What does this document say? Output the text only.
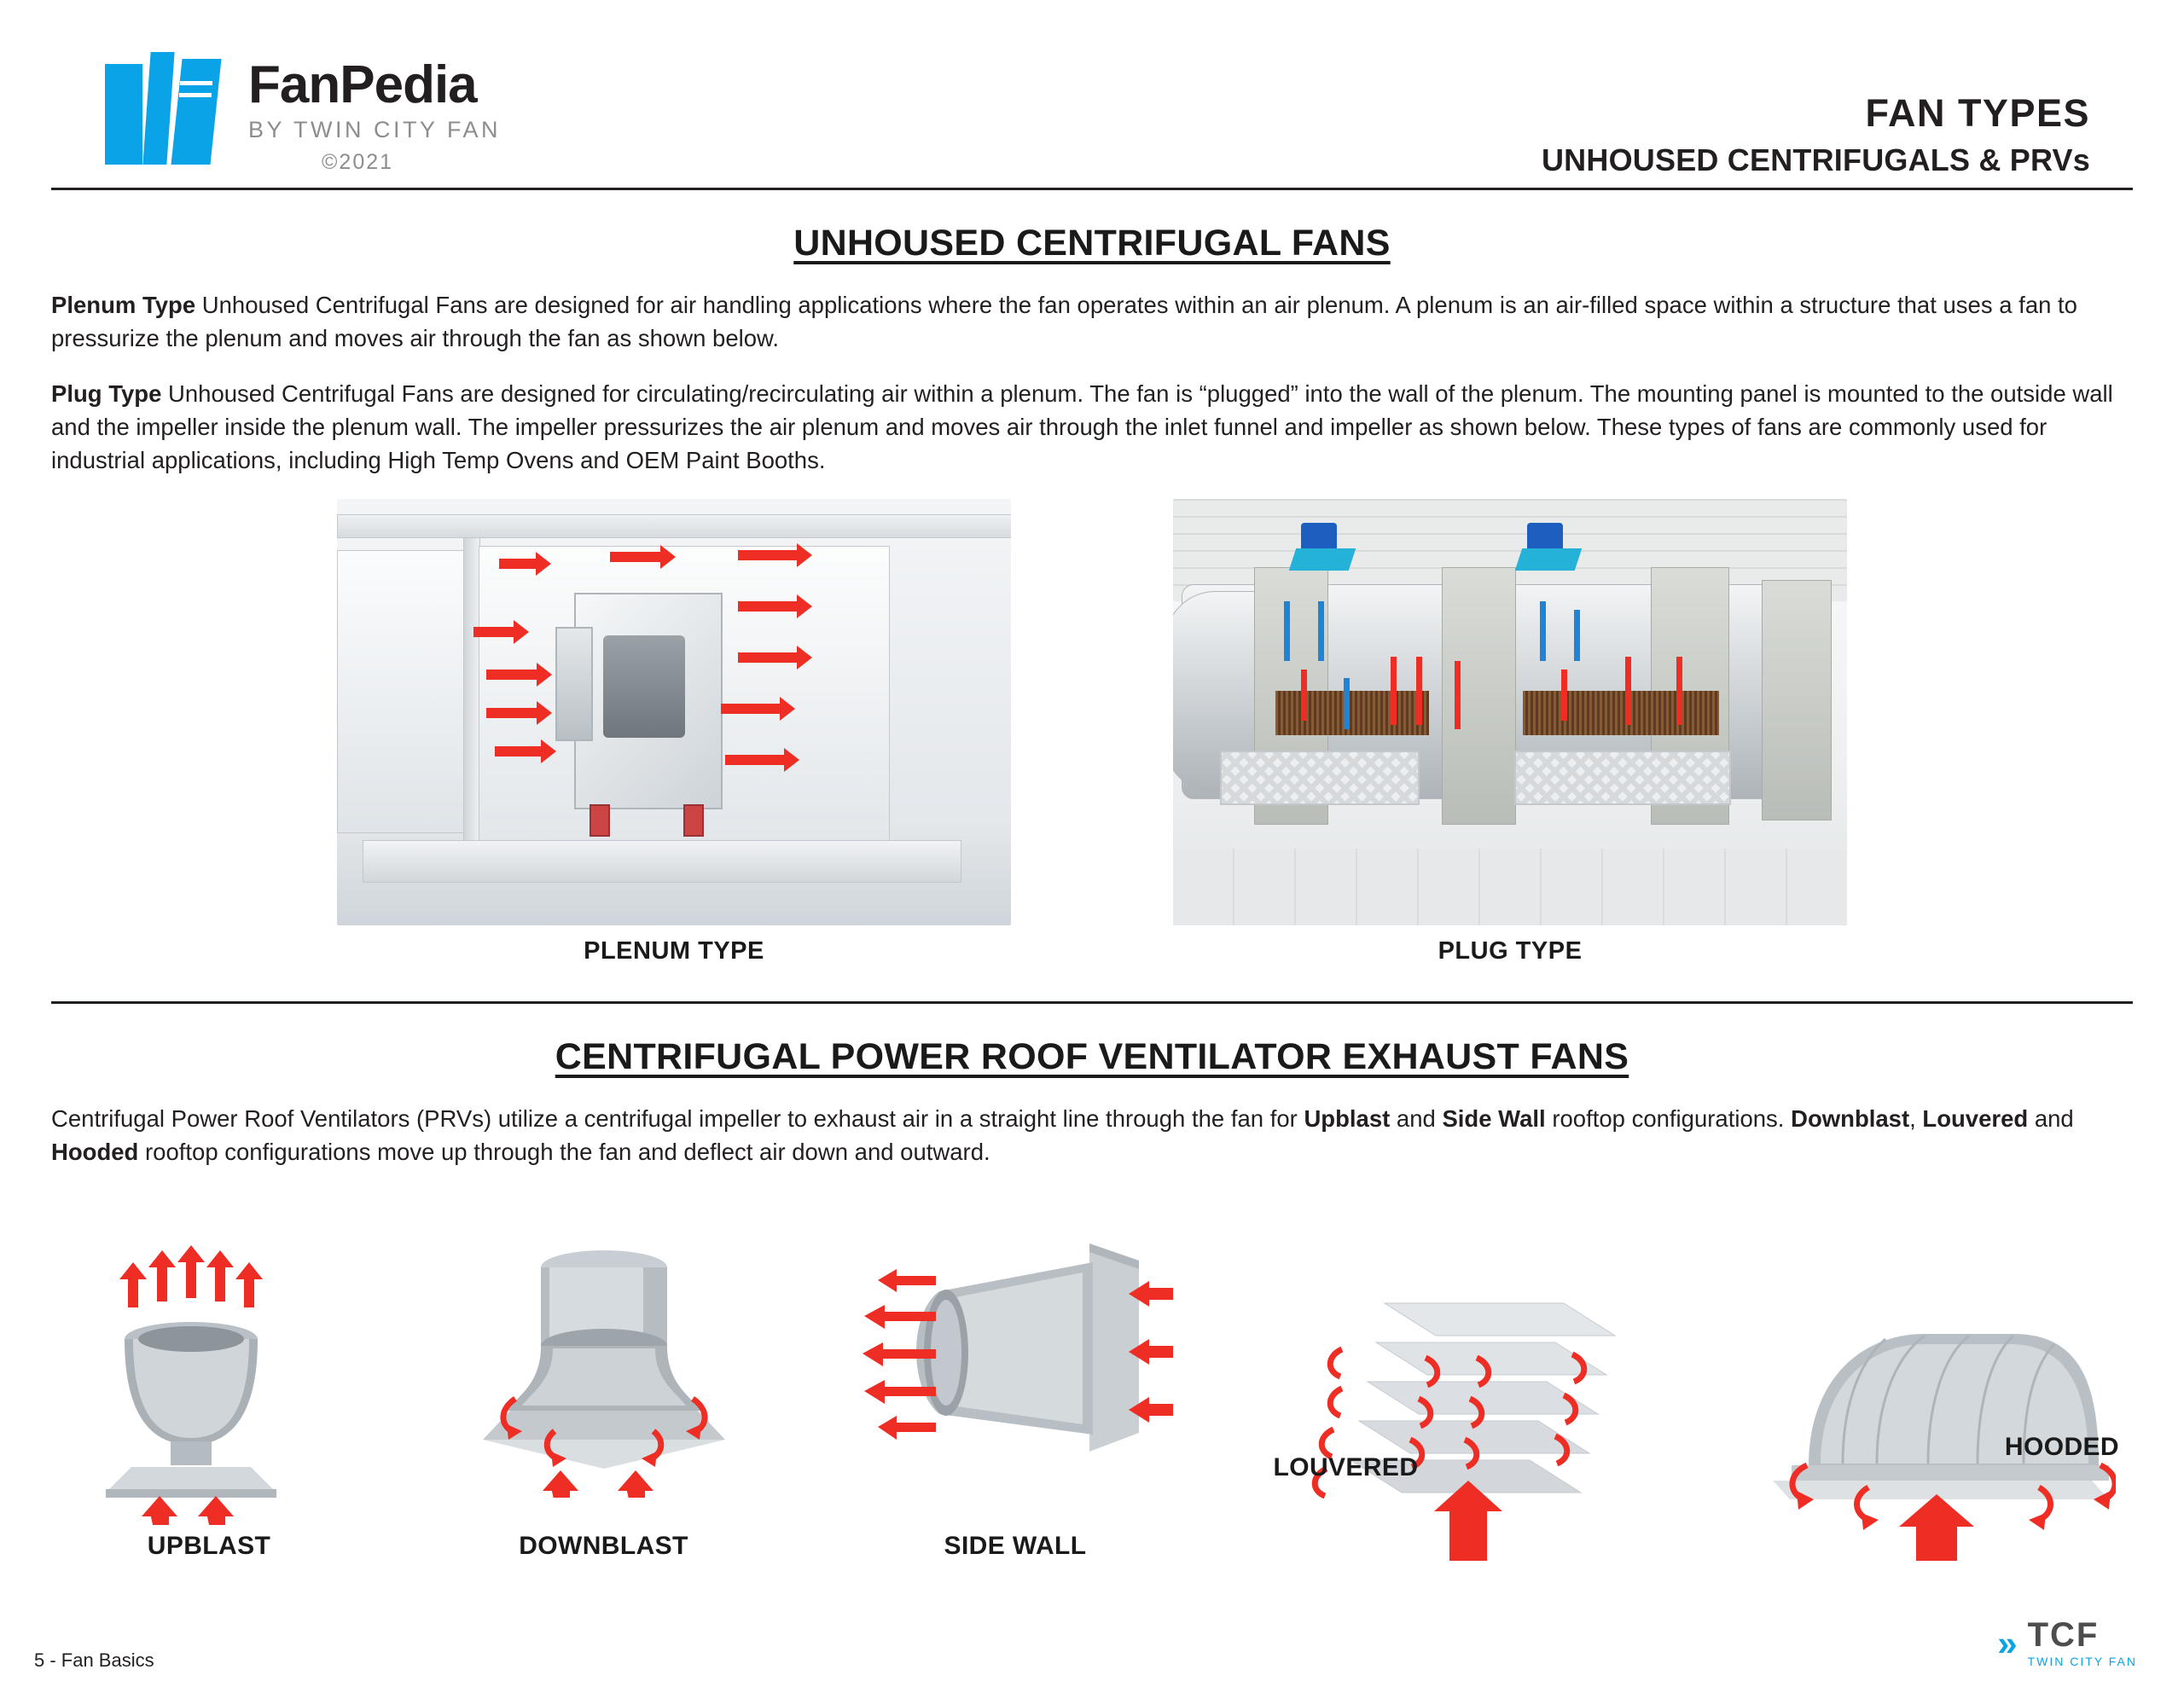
FanPedia
BY TWIN CITY FAN
©2021
FAN TYPES
UNHOUSED CENTRIFUGALS & PRVs
UNHOUSED CENTRIFUGAL FANS

Plenum Type Unhoused Centrifugal Fans are designed for air handling applications where the fan operates within an air plenum. A plenum is an air-filled space within a structure that uses a fan to pressurize the plenum and moves air through the fan as shown below.

Plug Type Unhoused Centrifugal Fans are designed for circulating/recirculating air within a plenum. The fan is “plugged” into the wall of the plenum. The mounting panel is mounted to the outside wall and the impeller inside the plenum wall. The impeller pressurizes the air plenum and moves air through the inlet funnel and impeller as shown below. These types of fans are commonly used for industrial applications, including High Temp Ovens and OEM Paint Booths.

PLENUM TYPE	PLUG TYPE
CENTRIFUGAL POWER ROOF VENTILATOR EXHAUST FANS

Centrifugal Power Roof Ventilators (PRVs) utilize a centrifugal impeller to exhaust air in a straight line through the fan for Upblast and Side Wall rooftop configurations. Downblast, Louvered and Hooded rooftop configurations move up through the fan and deflect air down and outward.

UPBLAST	DOWNBLAST	SIDE WALL
LOUVERED
HOODED
5 - Fan Basics	» TCF
TWIN CITY FAN
